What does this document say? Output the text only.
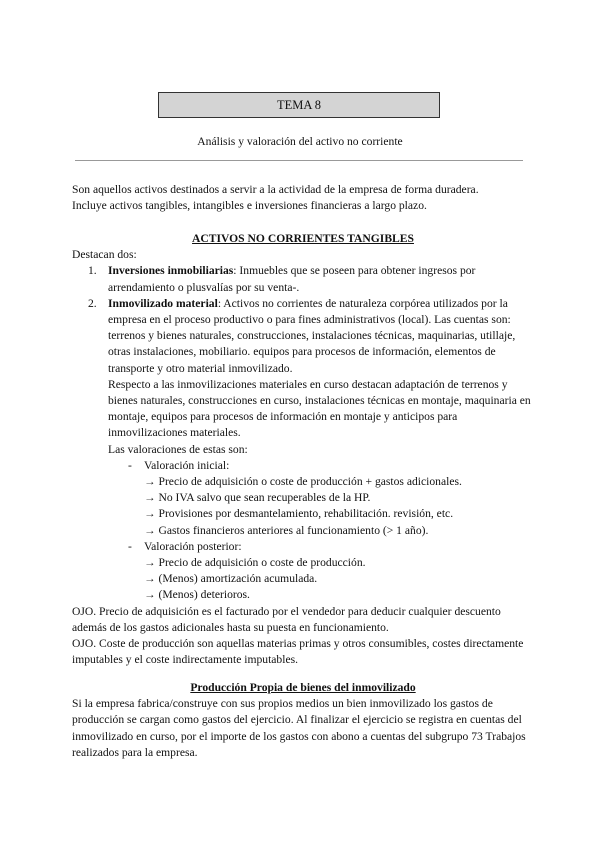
TEMA 8
Análisis y valoración del activo no corriente

Son aquellos activos destinados a servir a la actividad de la empresa de forma duradera.

Incluye activos tangibles, intangibles e inversiones financieras a largo plazo.

ACTIVOS NO CORRIENTES TANGIBLES

Destacan dos:

1. Inversiones inmobiliarias: Inmuebles que se poseen para obtener ingresos por arrendamiento o plusvalías por su venta-.
2. Inmovilizado material: Activos no corrientes de naturaleza corpórea utilizados por la empresa en el proceso productivo o para fines administrativos (local). Las cuentas son: terrenos y bienes naturales, construcciones, instalaciones técnicas, maquinarias, utillaje, otras instalaciones, mobiliario. equipos para procesos de información, elementos de transporte y otro material inmovilizado.

Respecto a las inmovilizaciones materiales en curso destacan adaptación de terrenos y bienes naturales, construcciones en curso, instalaciones técnicas en montaje, maquinaria en montaje, equipos para procesos de información en montaje y anticipos para inmovilizaciones materiales.

Las valoraciones de estas son:

- Valoración inicial:

→ Precio de adquisición o coste de producción + gastos adicionales.

→ No IVA salvo que sean recuperables de la HP.

→ Provisiones por desmantelamiento, rehabilitación. revisión, etc.

→ Gastos financieros anteriores al funcionamiento (> 1 año).

- Valoración posterior:

→ Precio de adquisición o coste de producción.

→ (Menos) amortización acumulada.

→ (Menos) deterioros.

OJO. Precio de adquisición es el facturado por el vendedor para deducir cualquier descuento además de los gastos adicionales hasta su puesta en funcionamiento.

OJO. Coste de producción son aquellas materias primas y otros consumibles, costes directamente imputables y el coste indirectamente imputables.

Producción Propia de bienes del inmovilizado

Si la empresa fabrica/construye con sus propios medios un bien inmovilizado los gastos de producción se cargan como gastos del ejercicio. Al finalizar el ejercicio se registra en cuentas del inmovilizado en curso, por el importe de los gastos con abono a cuentas del subgrupo 73 Trabajos realizados para la empresa.
